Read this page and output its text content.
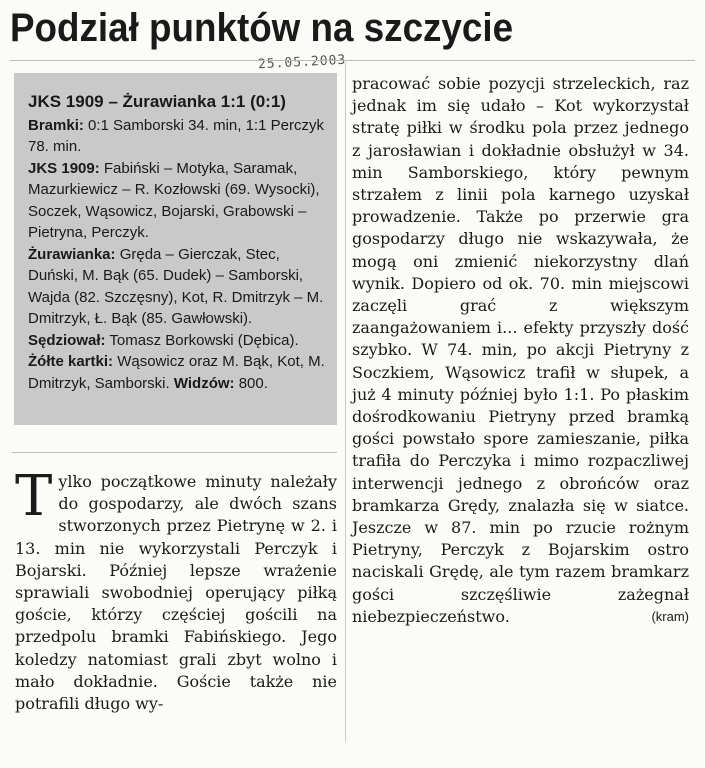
Podział punktów na szczycie
25.05.2003
JKS 1909 – Żurawianka 1:1 (0:1)

Bramki: 0:1 Samborski 34. min, 1:1 Perczyk 78. min.

JKS 1909: Fabiński – Motyka, Saramak, Mazurkiewicz – R. Kozłowski (69. Wysocki), Soczek, Wąsowicz, Bojarski, Grabowski – Pietryna, Perczyk.

Żurawianka: Gręda – Gierczak, Stec, Duński, M. Bąk (65. Dudek) – Samborski, Wajda (82. Szczęsny), Kot, R. Dmitrzyk – M. Dmitrzyk, Ł. Bąk (85. Gawłowski).

Sędziował: Tomasz Borkowski (Dębica).

Żółte kartki: Wąsowicz oraz M. Bąk, Kot, M. Dmitrzyk, Samborski. Widzów: 800.

Tylko początkowe minuty należały do gospodarzy, ale dwóch szans stworzonych przez Pietrynę w 2. i 13. min nie wykorzystali Perczyk i Bojarski. Później lepsze wrażenie sprawiali swobodniej operujący piłką goście, którzy częściej gościli na przedpolu bramki Fabińskiego. Jego koledzy natomiast grali zbyt wolno i mało dokładnie. Goście także nie potrafili długo wy-

pracować sobie pozycji strzeleckich, raz jednak im się udało – Kot wykorzystał stratę piłki w środku pola przez jednego z jarosławian i dokładnie obsłużył w 34. min Samborskiego, który pewnym strzałem z linii pola karnego uzyskał prowadzenie. Także po przerwie gra gospodarzy długo nie wskazywała, że mogą oni zmienić niekorzystny dlań wynik. Dopiero od ok. 70. min miejscowi zaczęli grać z większym zaangażowaniem i... efekty przyszły dość szybko. W 74. min, po akcji Pietryny z Soczkiem, Wąsowicz trafił w słupek, a już 4 minuty później było 1:1. Po płaskim dośrodkowaniu Pietryny przed bramką gości powstało spore zamieszanie, piłka trafiła do Perczyka i mimo rozpaczliwej interwencji jednego z obrońców oraz bramkarza Grędy, znalazła się w siatce. Jeszcze w 87. min po rzucie rożnym Pietryny, Perczyk z Bojarskim ostro naciskali Grędę, ale tym razem bramkarz gości szczęśliwie zażegnał niebezpieczeństwo.	(kram)
